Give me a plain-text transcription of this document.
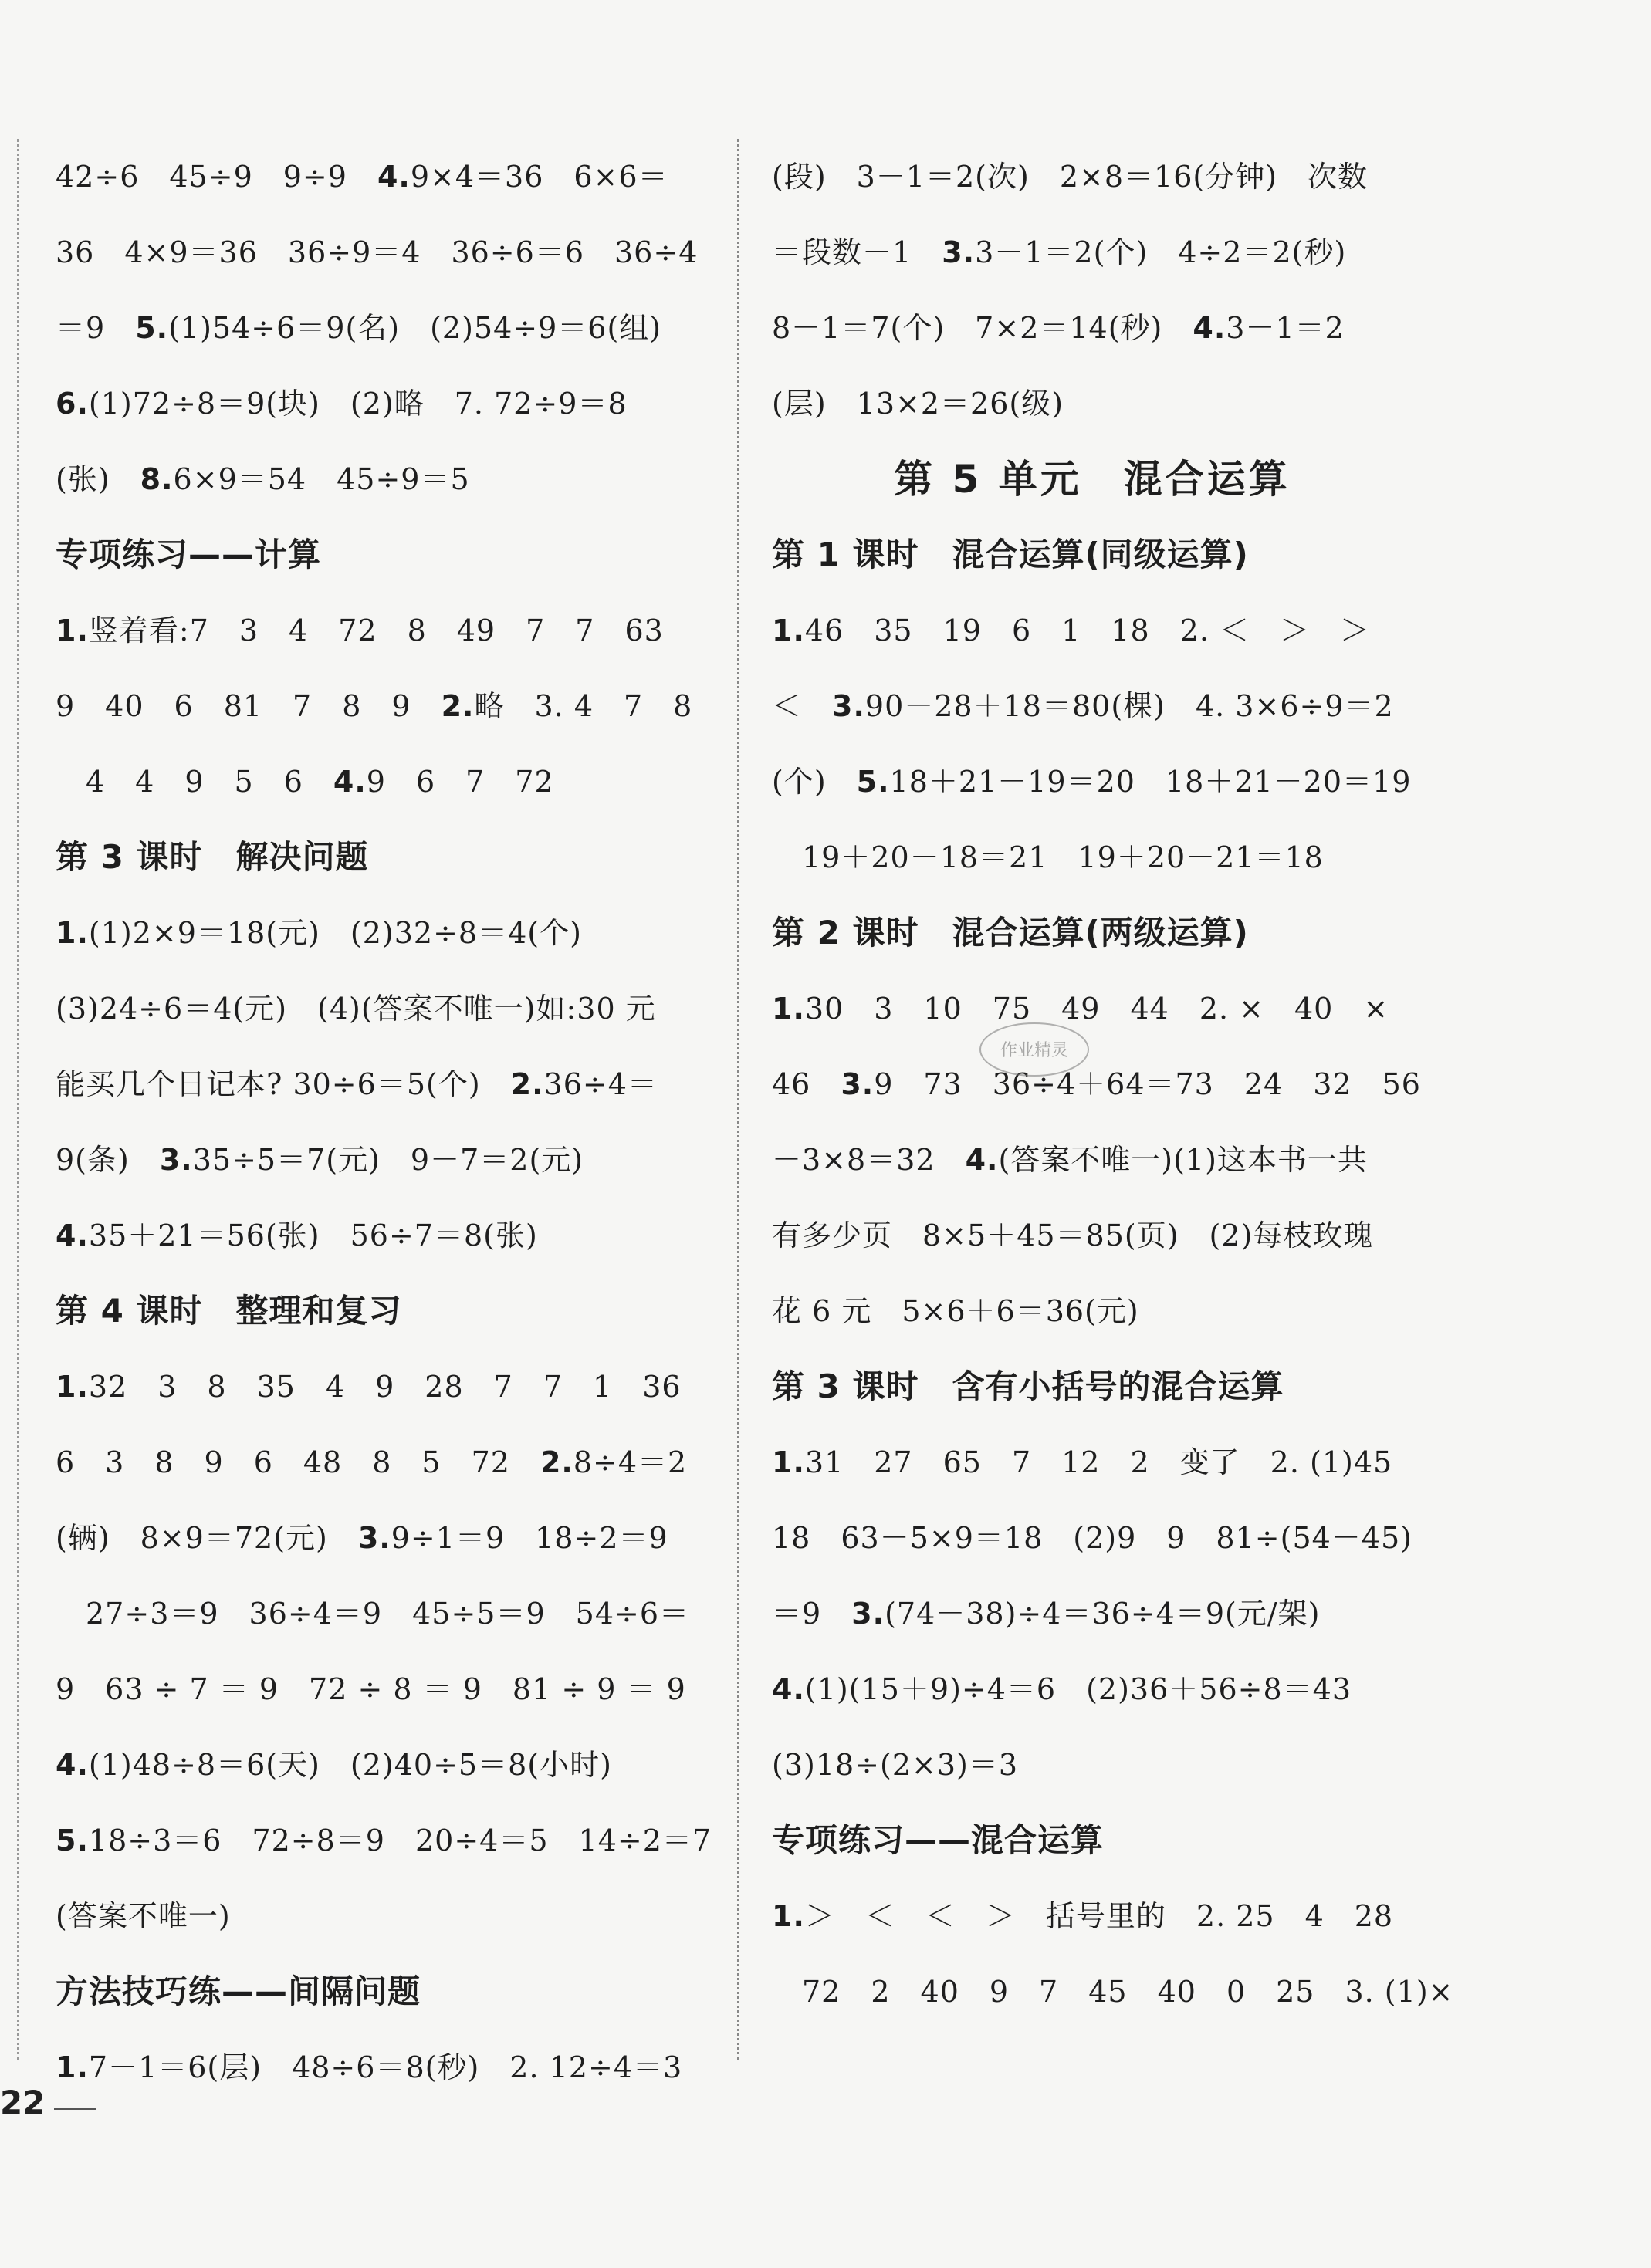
42÷6　45÷9　9÷9　4.9×4＝36　6×6＝
36　4×9＝36　36÷9＝4　36÷6＝6　36÷4
＝9　5.(1)54÷6＝9(名)　(2)54÷9＝6(组)
6.(1)72÷8＝9(块)　(2)略　7. 72÷9＝8
(张)　8.6×9＝54　45÷9＝5
专项练习——计算
1.竖着看:7　3　4　72　8　49　7　7　63
9　40　6　81　7　8　9　2.略　3. 4　7　8
　4　4　9　5　6　4.9　6　7　72
第 3 课时　解决问题
1.(1)2×9＝18(元)　(2)32÷8＝4(个)
(3)24÷6＝4(元)　(4)(答案不唯一)如:30 元
能买几个日记本? 30÷6＝5(个)　2.36÷4＝
9(条)　3.35÷5＝7(元)　9－7＝2(元)
4.35＋21＝56(张)　56÷7＝8(张)
第 4 课时　整理和复习
1.32　3　8　35　4　9　28　7　7　1　36
6　3　8　9　6　48　8　5　72　2.8÷4＝2
(辆)　8×9＝72(元)　3.9÷1＝9　18÷2＝9
　27÷3＝9　36÷4＝9　45÷5＝9　54÷6＝
9　63 ÷ 7 ＝ 9　72 ÷ 8 ＝ 9　81 ÷ 9 ＝ 9
4.(1)48÷8＝6(天)　(2)40÷5＝8(小时)
5.18÷3＝6　72÷8＝9　20÷4＝5　14÷2＝7
(答案不唯一)
方法技巧练——间隔问题
1.7－1＝6(层)　48÷6＝8(秒)　2. 12÷4＝3
(段)　3－1＝2(次)　2×8＝16(分钟)　次数
＝段数－1　3.3－1＝2(个)　4÷2＝2(秒)
8－1＝7(个)　7×2＝14(秒)　4.3－1＝2
(层)　13×2＝26(级)
第 5 单元　混合运算
第 1 课时　混合运算(同级运算)
1.46　35　19　6　1　18　2. ＜　＞　＞
＜　3.90－28＋18＝80(棵)　4. 3×6÷9＝2
(个)　5.18＋21－19＝20　18＋21－20＝19
　19＋20－18＝21　19＋20－21＝18
第 2 课时　混合运算(两级运算)
1.30　3　10　75　49　44　2. ×　40　×
46　3.9　73　36÷4＋64＝73　24　32　56
－3×8＝32　4.(答案不唯一)(1)这本书一共
有多少页　8×5＋45＝85(页)　(2)每枝玫瑰
花 6 元　5×6＋6＝36(元)
第 3 课时　含有小括号的混合运算
1.31　27　65　7　12　2　变了　2. (1)45
18　63－5×9＝18　(2)9　9　81÷(54－45)
＝9　3.(74－38)÷4＝36÷4＝9(元/架)
4.(1)(15＋9)÷4＝6　(2)36＋56÷8＝43
(3)18÷(2×3)＝3
专项练习——混合运算
1.＞　＜　＜　＞　括号里的　2. 25　4　28
　72　2　40　9　7　45　40　0　25　3. (1)×
作业精灵
22
